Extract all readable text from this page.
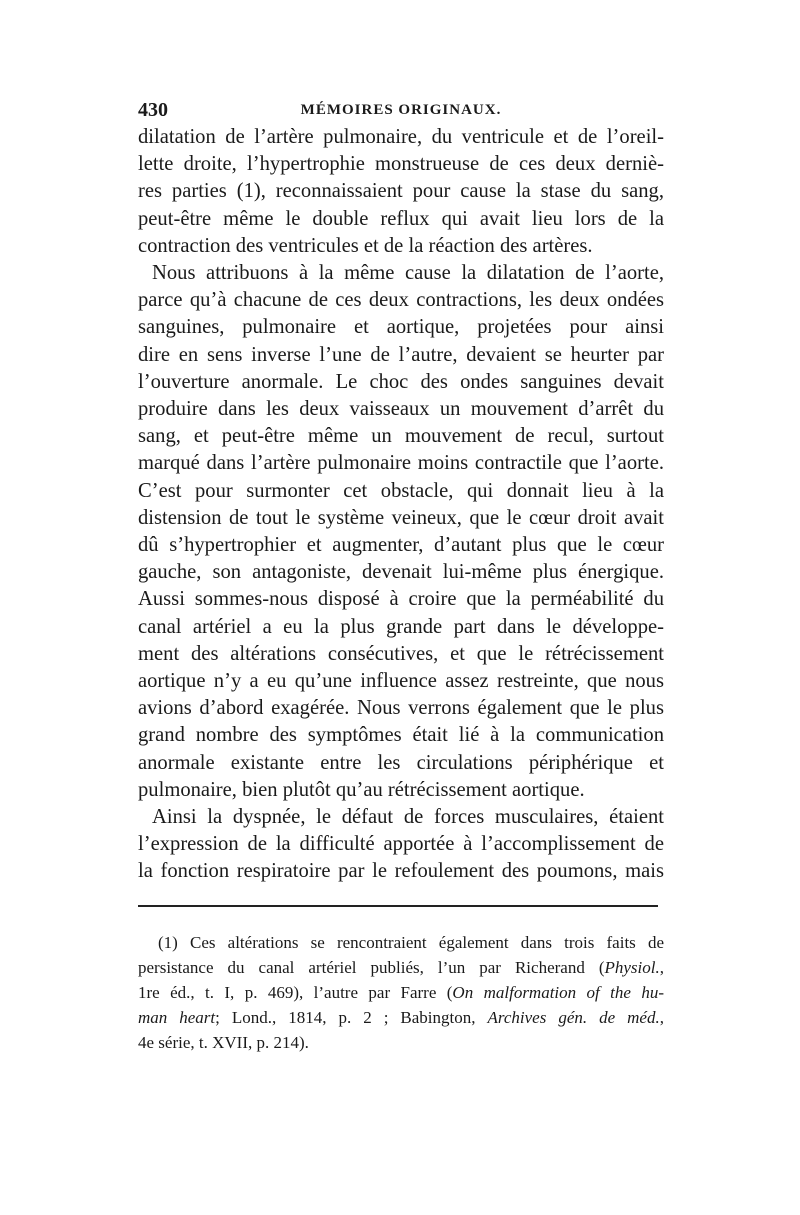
430	MÉMOIRES ORIGINAUX.

dilatation de l’artère pulmonaire, du ventricule et de l’oreil-
lette droite, l’hypertrophie monstrueuse de ces deux derniè-
res parties (1), reconnaissaient pour cause la stase du sang,
peut-être même le double reflux qui avait lieu lors de la
contraction des ventricules et de la réaction des artères.

Nous attribuons à la même cause la dilatation de l’aorte,
parce qu’à chacune de ces deux contractions, les deux ondées
sanguines, pulmonaire et aortique, projetées pour ainsi
dire en sens inverse l’une de l’autre, devaient se heurter par
l’ouverture anormale. Le choc des ondes sanguines devait
produire dans les deux vaisseaux un mouvement d’arrêt du
sang, et peut-être même un mouvement de recul, surtout
marqué dans l’artère pulmonaire moins contractile que l’aorte.
C’est pour surmonter cet obstacle, qui donnait lieu à la
distension de tout le système veineux, que le cœur droit avait
dû s’hypertrophier et augmenter, d’autant plus que le cœur
gauche, son antagoniste, devenait lui-même plus énergique.
Aussi sommes-nous disposé à croire que la perméabilité du
canal artériel a eu la plus grande part dans le développe-
ment des altérations consécutives, et que le rétrécissement
aortique n’y a eu qu’une influence assez restreinte, que nous
avions d’abord exagérée. Nous verrons également que le plus
grand nombre des symptômes était lié à la communication
anormale existante entre les circulations périphérique et
pulmonaire, bien plutôt qu’au rétrécissement aortique.

Ainsi la dyspnée, le défaut de forces musculaires, étaient
l’expression de la difficulté apportée à l’accomplissement de
la fonction respiratoire par le refoulement des poumons, mais

(1) Ces altérations se rencontraient également dans trois faits de
persistance du canal artériel publiés, l’un par Richerand (Physiol.,
1re éd., t. I, p. 469), l’autre par Farre (On malformation of the hu-
man heart; Lond., 1814, p. 2 ; Babington, Archives gén. de méd.,
4e série, t. XVII, p. 214).
